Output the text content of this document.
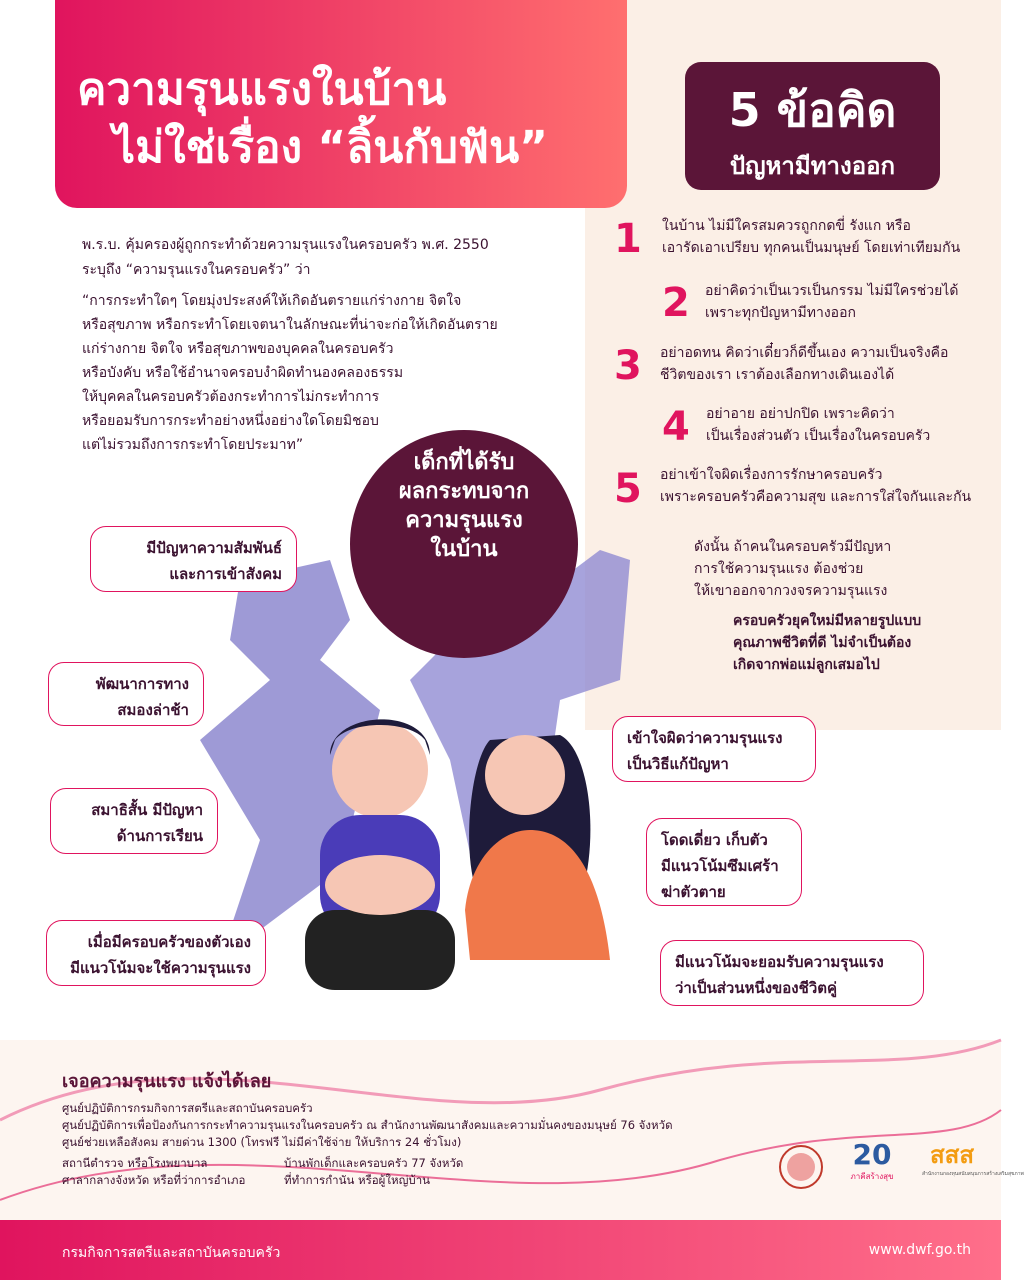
ความรุนแรงในบ้าน
ไม่ใช่เรื่อง “ลิ้นกับฟัน”
5 ข้อคิด
ปัญหามีทางออก
พ.ร.บ. คุ้มครองผู้ถูกกระทำด้วยความรุนแรงในครอบครัว พ.ศ. 2550
ระบุถึง “ความรุนแรงในครอบครัว” ว่า
“การกระทำใดๆ โดยมุ่งประสงค์ให้เกิดอันตรายแก่ร่างกาย จิตใจ
หรือสุขภาพ หรือกระทำโดยเจตนาในลักษณะที่น่าจะก่อให้เกิดอันตราย
แก่ร่างกาย จิตใจ หรือสุขภาพของบุคคลในครอบครัว
หรือบังคับ หรือใช้อำนาจครอบงำผิดทำนองคลองธรรม
ให้บุคคลในครอบครัวต้องกระทำการไม่กระทำการ
หรือยอมรับการกระทำอย่างหนึ่งอย่างใดโดยมิชอบ
แต่ไม่รวมถึงการกระทำโดยประมาท”
1 ในบ้าน ไม่มีใครสมควรถูกกดขี่ รังแก หรือ
เอารัดเอาเปรียบ ทุกคนเป็นมนุษย์ โดยเท่าเทียมกัน
2 อย่าคิดว่าเป็นเวรเป็นกรรม ไม่มีใครช่วยได้
เพราะทุกปัญหามีทางออก
3 อย่าอดทน คิดว่าเดี๋ยวก็ดีขึ้นเอง ความเป็นจริงคือ
ชีวิตของเรา เราต้องเลือกทางเดินเองได้
4 อย่าอาย อย่าปกปิด เพราะคิดว่า
เป็นเรื่องส่วนตัว เป็นเรื่องในครอบครัว
5 อย่าเข้าใจผิดเรื่องการรักษาครอบครัว
เพราะครอบครัวคือความสุข และการใส่ใจกันและกัน
ดังนั้น ถ้าคนในครอบครัวมีปัญหา
การใช้ความรุนแรง ต้องช่วย
ให้เขาออกจากวงจรความรุนแรง
ครอบครัวยุคใหม่มีหลายรูปแบบ
คุณภาพชีวิตที่ดี ไม่จำเป็นต้อง
เกิดจากพ่อแม่ลูกเสมอไป
เด็กที่ได้รับ
ผลกระทบจาก
ความรุนแรง
ในบ้าน
มีปัญหาความสัมพันธ์
และการเข้าสังคม
พัฒนาการทาง
สมองล่าช้า
สมาธิสั้น มีปัญหา
ด้านการเรียน
เมื่อมีครอบครัวของตัวเอง
มีแนวโน้มจะใช้ความรุนแรง
เข้าใจผิดว่าความรุนแรง
เป็นวิธีแก้ปัญหา
โดดเดี่ยว เก็บตัว
มีแนวโน้มซึมเศร้า
ฆ่าตัวตาย
มีแนวโน้มจะยอมรับความรุนแรง
ว่าเป็นส่วนหนึ่งของชีวิตคู่
เจอความรุนแรง แจ้งได้เลย
ศูนย์ปฏิบัติการกรมกิจการสตรีและสถาบันครอบครัว
ศูนย์ปฏิบัติการเพื่อป้องกันการกระทำความรุนแรงในครอบครัว ณ สำนักงานพัฒนาสังคมและความมั่นคงของมนุษย์ 76 จังหวัด
ศูนย์ช่วยเหลือสังคม สายด่วน 1300 (โทรฟรี ไม่มีค่าใช้จ่าย ให้บริการ 24 ชั่วโมง)
สถานีตำรวจ หรือโรงพยาบาล
ศาลากลางจังหวัด หรือที่ว่าการอำเภอ
บ้านพักเด็กและครอบครัว 77 จังหวัด
ที่ทำการกำนัน หรือผู้ใหญ่บ้าน
20
ภาคีสร้างสุข
สสส
สำนักงานกองทุนสนับสนุนการสร้างเสริมสุขภาพ
กรมกิจการสตรีและสถาบันครอบครัว	www.dwf.go.th
